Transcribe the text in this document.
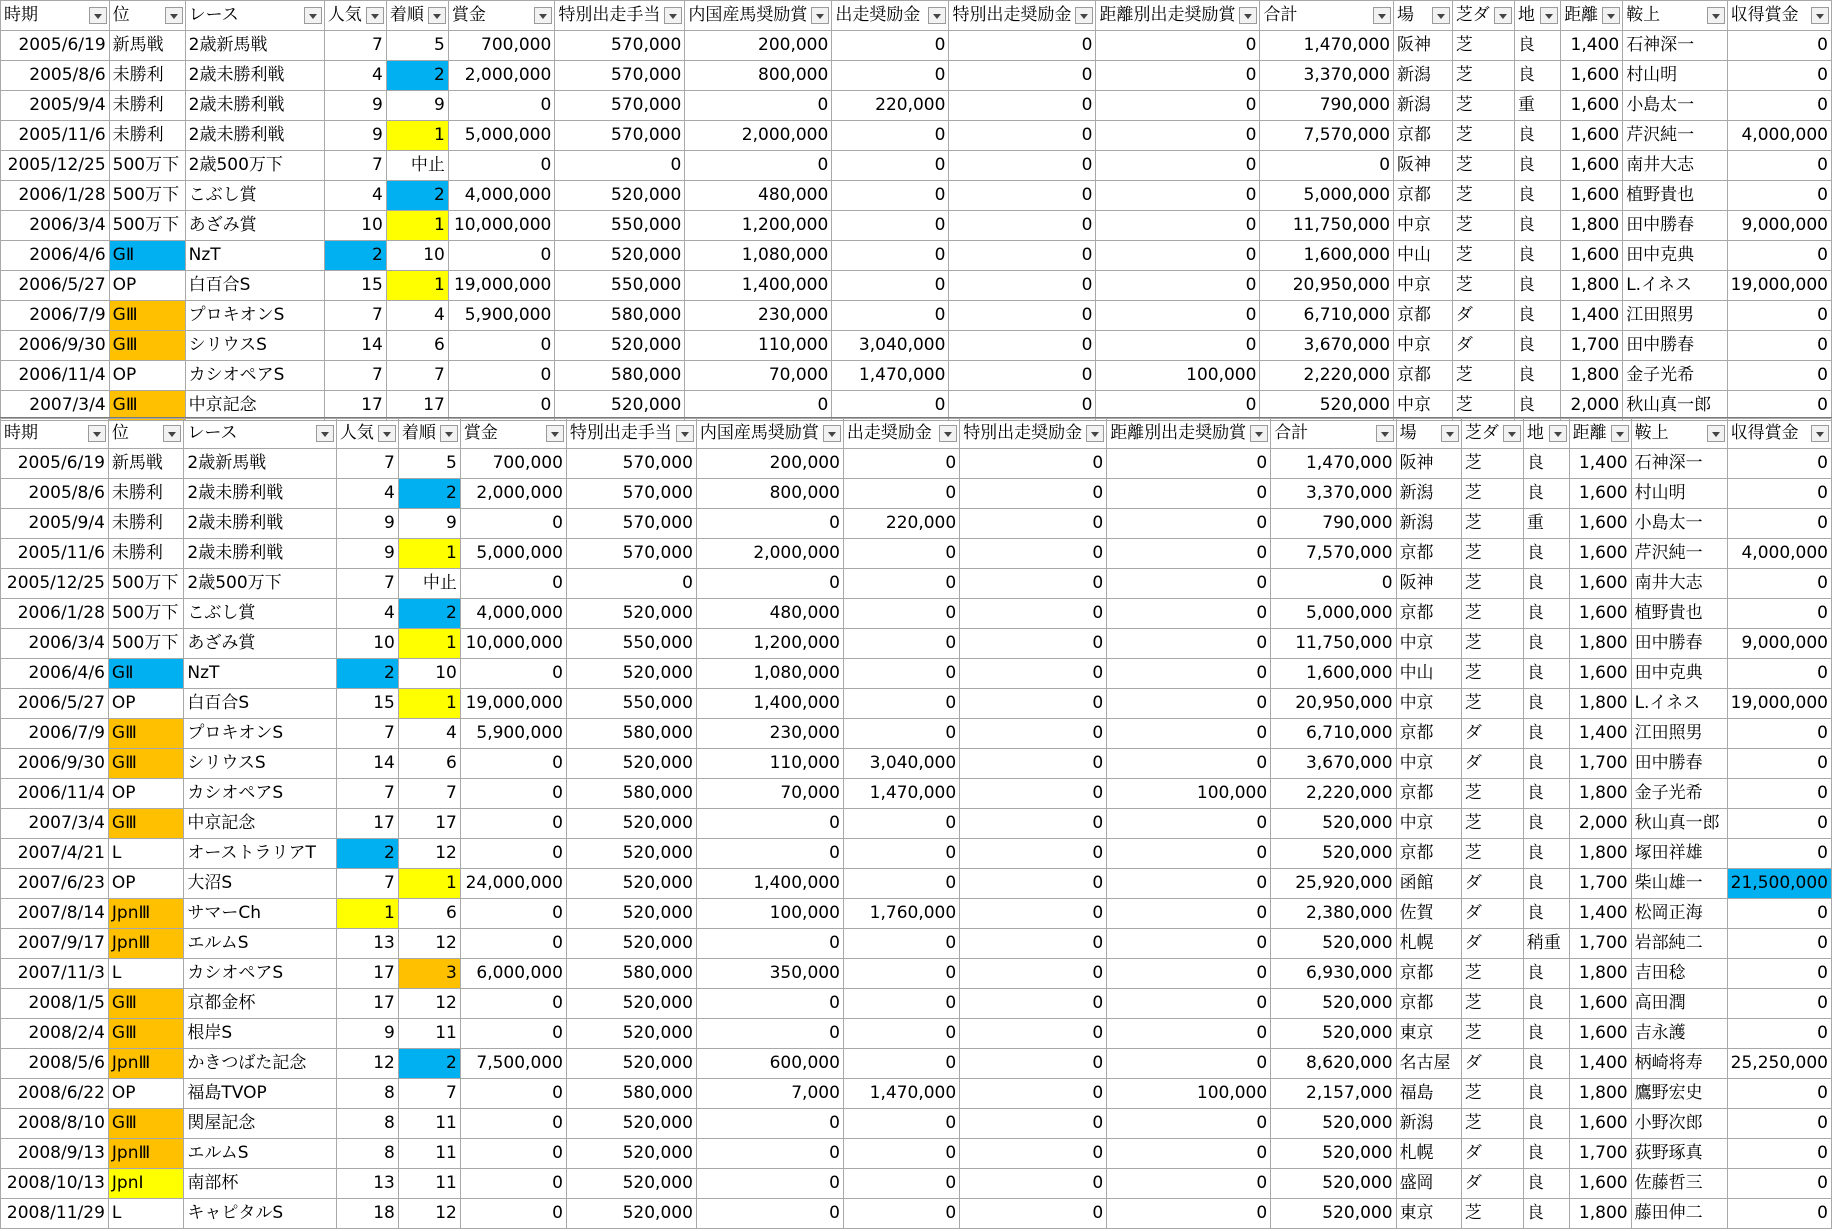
時期	位	レース	人気	着順	賞金	特別出走手当	内国産馬奨励賞	出走奨励金	特別出走奨励金	距離別出走奨励賞	合計	場	芝ダ	地	距離	鞍上	収得賞金

2005/6/19	新馬戦	2歳新馬戦	7	5	700,000	570,000	200,000	0	0	0	1,470,000	阪神	芝	良	1,400	石神深一	0
2005/8/6	未勝利	2歳未勝利戦	4	2	2,000,000	570,000	800,000	0	0	0	3,370,000	新潟	芝	良	1,600	村山明	0
2005/9/4	未勝利	2歳未勝利戦	9	9	0	570,000	0	220,000	0	0	790,000	新潟	芝	重	1,600	小島太一	0
2005/11/6	未勝利	2歳未勝利戦	9	1	5,000,000	570,000	2,000,000	0	0	0	7,570,000	京都	芝	良	1,600	芹沢純一	4,000,000
2005/12/25	500万下	2歳500万下	7	中止	0	0	0	0	0	0	0	阪神	芝	良	1,600	南井大志	0
2006/1/28	500万下	こぶし賞	4	2	4,000,000	520,000	480,000	0	0	0	5,000,000	京都	芝	良	1,600	植野貴也	0
2006/3/4	500万下	あざみ賞	10	1	10,000,000	550,000	1,200,000	0	0	0	11,750,000	中京	芝	良	1,800	田中勝春	9,000,000
2006/4/6	GⅡ	NzT	2	10	0	520,000	1,080,000	0	0	0	1,600,000	中山	芝	良	1,600	田中克典	0
2006/5/27	OP	白百合S	15	1	19,000,000	550,000	1,400,000	0	0	0	20,950,000	中京	芝	良	1,800	L.イネス	19,000,000
2006/7/9	GⅢ	プロキオンS	7	4	5,900,000	580,000	230,000	0	0	0	6,710,000	京都	ダ	良	1,400	江田照男	0
2006/9/30	GⅢ	シリウスS	14	6	0	520,000	110,000	3,040,000	0	0	3,670,000	中京	ダ	良	1,700	田中勝春	0
2006/11/4	OP	カシオペアS	7	7	0	580,000	70,000	1,470,000	0	100,000	2,220,000	京都	芝	良	1,800	金子光希	0
2007/3/4	GⅢ	中京記念	17	17	0	520,000	0	0	0	0	520,000	中京	芝	良	2,000	秋山真一郎	0
時期	位	レース	人気	着順	賞金	特別出走手当	内国産馬奨励賞	出走奨励金	特別出走奨励金	距離別出走奨励賞	合計	場	芝ダ	地	距離	鞍上	収得賞金

2005/6/19	新馬戦	2歳新馬戦	7	5	700,000	570,000	200,000	0	0	0	1,470,000	阪神	芝	良	1,400	石神深一	0
2005/8/6	未勝利	2歳未勝利戦	4	2	2,000,000	570,000	800,000	0	0	0	3,370,000	新潟	芝	良	1,600	村山明	0
2005/9/4	未勝利	2歳未勝利戦	9	9	0	570,000	0	220,000	0	0	790,000	新潟	芝	重	1,600	小島太一	0
2005/11/6	未勝利	2歳未勝利戦	9	1	5,000,000	570,000	2,000,000	0	0	0	7,570,000	京都	芝	良	1,600	芹沢純一	4,000,000
2005/12/25	500万下	2歳500万下	7	中止	0	0	0	0	0	0	0	阪神	芝	良	1,600	南井大志	0
2006/1/28	500万下	こぶし賞	4	2	4,000,000	520,000	480,000	0	0	0	5,000,000	京都	芝	良	1,600	植野貴也	0
2006/3/4	500万下	あざみ賞	10	1	10,000,000	550,000	1,200,000	0	0	0	11,750,000	中京	芝	良	1,800	田中勝春	9,000,000
2006/4/6	GⅡ	NzT	2	10	0	520,000	1,080,000	0	0	0	1,600,000	中山	芝	良	1,600	田中克典	0
2006/5/27	OP	白百合S	15	1	19,000,000	550,000	1,400,000	0	0	0	20,950,000	中京	芝	良	1,800	L.イネス	19,000,000
2006/7/9	GⅢ	プロキオンS	7	4	5,900,000	580,000	230,000	0	0	0	6,710,000	京都	ダ	良	1,400	江田照男	0
2006/9/30	GⅢ	シリウスS	14	6	0	520,000	110,000	3,040,000	0	0	3,670,000	中京	ダ	良	1,700	田中勝春	0
2006/11/4	OP	カシオペアS	7	7	0	580,000	70,000	1,470,000	0	100,000	2,220,000	京都	芝	良	1,800	金子光希	0
2007/3/4	GⅢ	中京記念	17	17	0	520,000	0	0	0	0	520,000	中京	芝	良	2,000	秋山真一郎	0
2007/4/21	L	オーストラリアT	2	12	0	520,000	0	0	0	0	520,000	京都	芝	良	1,800	塚田祥雄	0
2007/6/23	OP	大沼S	7	1	24,000,000	520,000	1,400,000	0	0	0	25,920,000	函館	ダ	良	1,700	柴山雄一	21,500,000
2007/8/14	JpnⅢ	サマーCh	1	6	0	520,000	100,000	1,760,000	0	0	2,380,000	佐賀	ダ	良	1,400	松岡正海	0
2007/9/17	JpnⅢ	エルムS	13	12	0	520,000	0	0	0	0	520,000	札幌	ダ	稍重	1,700	岩部純二	0
2007/11/3	L	カシオペアS	17	3	6,000,000	580,000	350,000	0	0	0	6,930,000	京都	芝	良	1,800	吉田稔	0
2008/1/5	GⅢ	京都金杯	17	12	0	520,000	0	0	0	0	520,000	京都	芝	良	1,600	高田潤	0
2008/2/4	GⅢ	根岸S	9	11	0	520,000	0	0	0	0	520,000	東京	芝	良	1,600	吉永護	0
2008/5/6	JpnⅢ	かきつばた記念	12	2	7,500,000	520,000	600,000	0	0	0	8,620,000	名古屋	ダ	良	1,400	柄崎将寿	25,250,000
2008/6/22	OP	福島TVOP	8	7	0	580,000	7,000	1,470,000	0	100,000	2,157,000	福島	芝	良	1,800	鷹野宏史	0
2008/8/10	GⅢ	関屋記念	8	11	0	520,000	0	0	0	0	520,000	新潟	芝	良	1,600	小野次郎	0
2008/9/13	JpnⅢ	エルムS	8	11	0	520,000	0	0	0	0	520,000	札幌	ダ	良	1,700	荻野琢真	0
2008/10/13	JpnⅠ	南部杯	13	11	0	520,000	0	0	0	0	520,000	盛岡	ダ	良	1,600	佐藤哲三	0
2008/11/29	L	キャピタルS	18	12	0	520,000	0	0	0	0	520,000	東京	芝	良	1,800	藤田伸二	0
